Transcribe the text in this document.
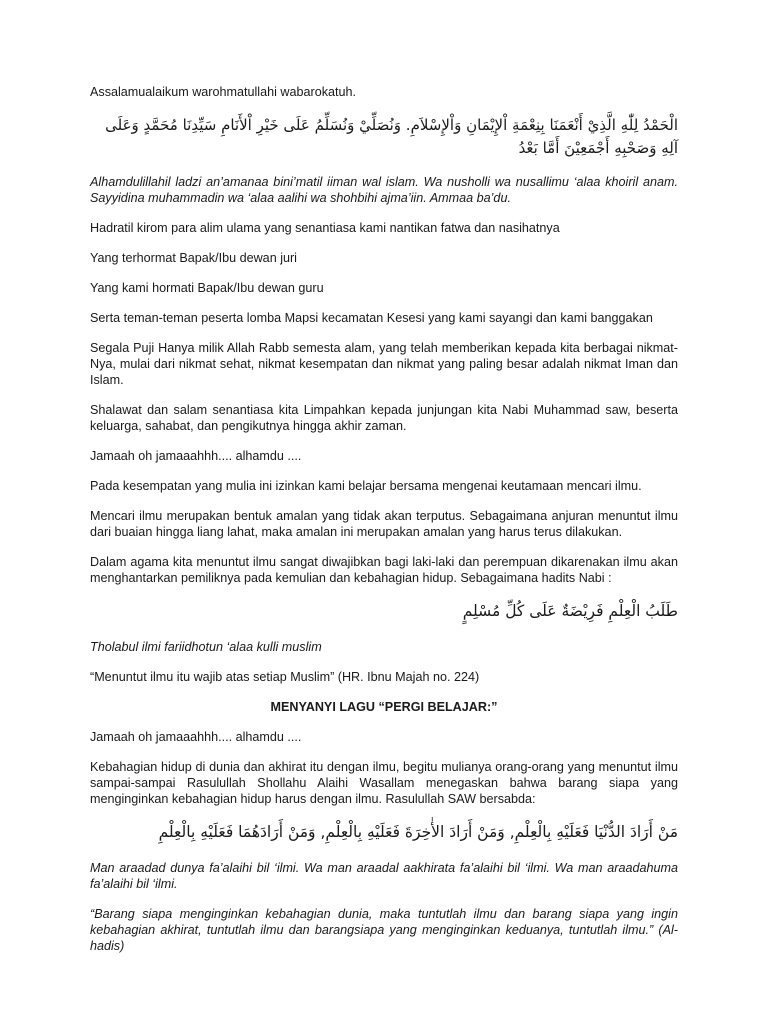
Assalamualaikum warohmatullahi wabarokatuh.

الْحَمْدُ لِلّٰهِ الَّذِيْ أَنْعَمَنَا بِنِعْمَةِ اْلإِيْمَانِ وَاْلإِسْلاَمِ. وَنُصَلِّيْ وَنُسَلِّمُ عَلَى خَيْرِ اْلأَنَامِ سَيِّدِنَا مُحَمَّدٍ وَعَلَى آلِهِ وَصَحْبِهِ أَجْمَعِيْنَ أَمَّا بَعْدُ

Alhamdulillahil ladzi an’amanaa bini’matil iiman wal islam. Wa nusholli wa nusallimu ‘alaa khoiril anam. Sayyidina muhammadin wa ‘alaa aalihi wa shohbihi ajma’iin. Ammaa ba’du.

Hadratil kirom para alim ulama yang senantiasa kami nantikan fatwa dan nasihatnya

Yang terhormat Bapak/Ibu dewan juri

Yang kami hormati Bapak/Ibu dewan guru

Serta teman-teman peserta lomba Mapsi kecamatan Kesesi yang kami sayangi dan kami banggakan

Segala Puji Hanya milik Allah Rabb semesta alam, yang telah memberikan kepada kita berbagai nikmat-Nya, mulai dari nikmat sehat, nikmat kesempatan dan nikmat yang paling besar adalah nikmat Iman dan Islam.

Shalawat dan salam senantiasa kita Limpahkan kepada junjungan kita Nabi Muhammad saw, beserta keluarga, sahabat, dan pengikutnya hingga akhir zaman.

Jamaah oh jamaaahhh.... alhamdu ....

Pada kesempatan yang mulia ini izinkan kami belajar bersama mengenai keutamaan mencari ilmu.

Mencari ilmu merupakan bentuk amalan yang tidak akan terputus. Sebagaimana anjuran menuntut ilmu dari buaian hingga liang lahat, maka amalan ini merupakan amalan yang harus terus dilakukan.

Dalam agama kita menuntut ilmu sangat diwajibkan bagi laki-laki dan perempuan dikarenakan ilmu akan menghantarkan pemiliknya pada kemulian dan kebahagian hidup. Sebagaimana hadits Nabi :

طَلَبُ الْعِلْمِ فَرِيْضَةٌ عَلَى كُلِّ مُسْلِمٍ

Tholabul ilmi fariidhotun ‘alaa kulli muslim

“Menuntut ilmu itu wajib atas setiap Muslim” (HR. Ibnu Majah no. 224)

MENYANYI LAGU “PERGI BELAJAR:”

Jamaah oh jamaaahhh.... alhamdu ....

Kebahagian hidup di dunia dan akhirat itu dengan ilmu, begitu mulianya orang-orang yang menuntut ilmu sampai-sampai Rasulullah Shollahu Alaihi Wasallam menegaskan bahwa barang siapa yang menginginkan kebahagian hidup harus dengan ilmu. Rasulullah SAW bersabda:

مَنْ أَرَادَ الدُّنْيَا فَعَلَيْهِ بِالْعِلْمِ, وَمَنْ أَرَادَ الأٰخِرَةَ فَعَلَيْهِ بِالْعِلْمِ, وَمَنْ أَرَادَهُمَا فَعَلَيْهِ بِالْعِلْمِ

Man araadad dunya fa’alaihi bil ‘ilmi. Wa man araadal aakhirata fa’alaihi bil ‘ilmi. Wa man araadahuma fa’alaihi bil ‘ilmi.

“Barang siapa menginginkan kebahagian dunia, maka tuntutlah ilmu dan barang siapa yang ingin kebahagian akhirat, tuntutlah ilmu dan barangsiapa yang menginginkan keduanya, tuntutlah ilmu.” (Al-hadis)
